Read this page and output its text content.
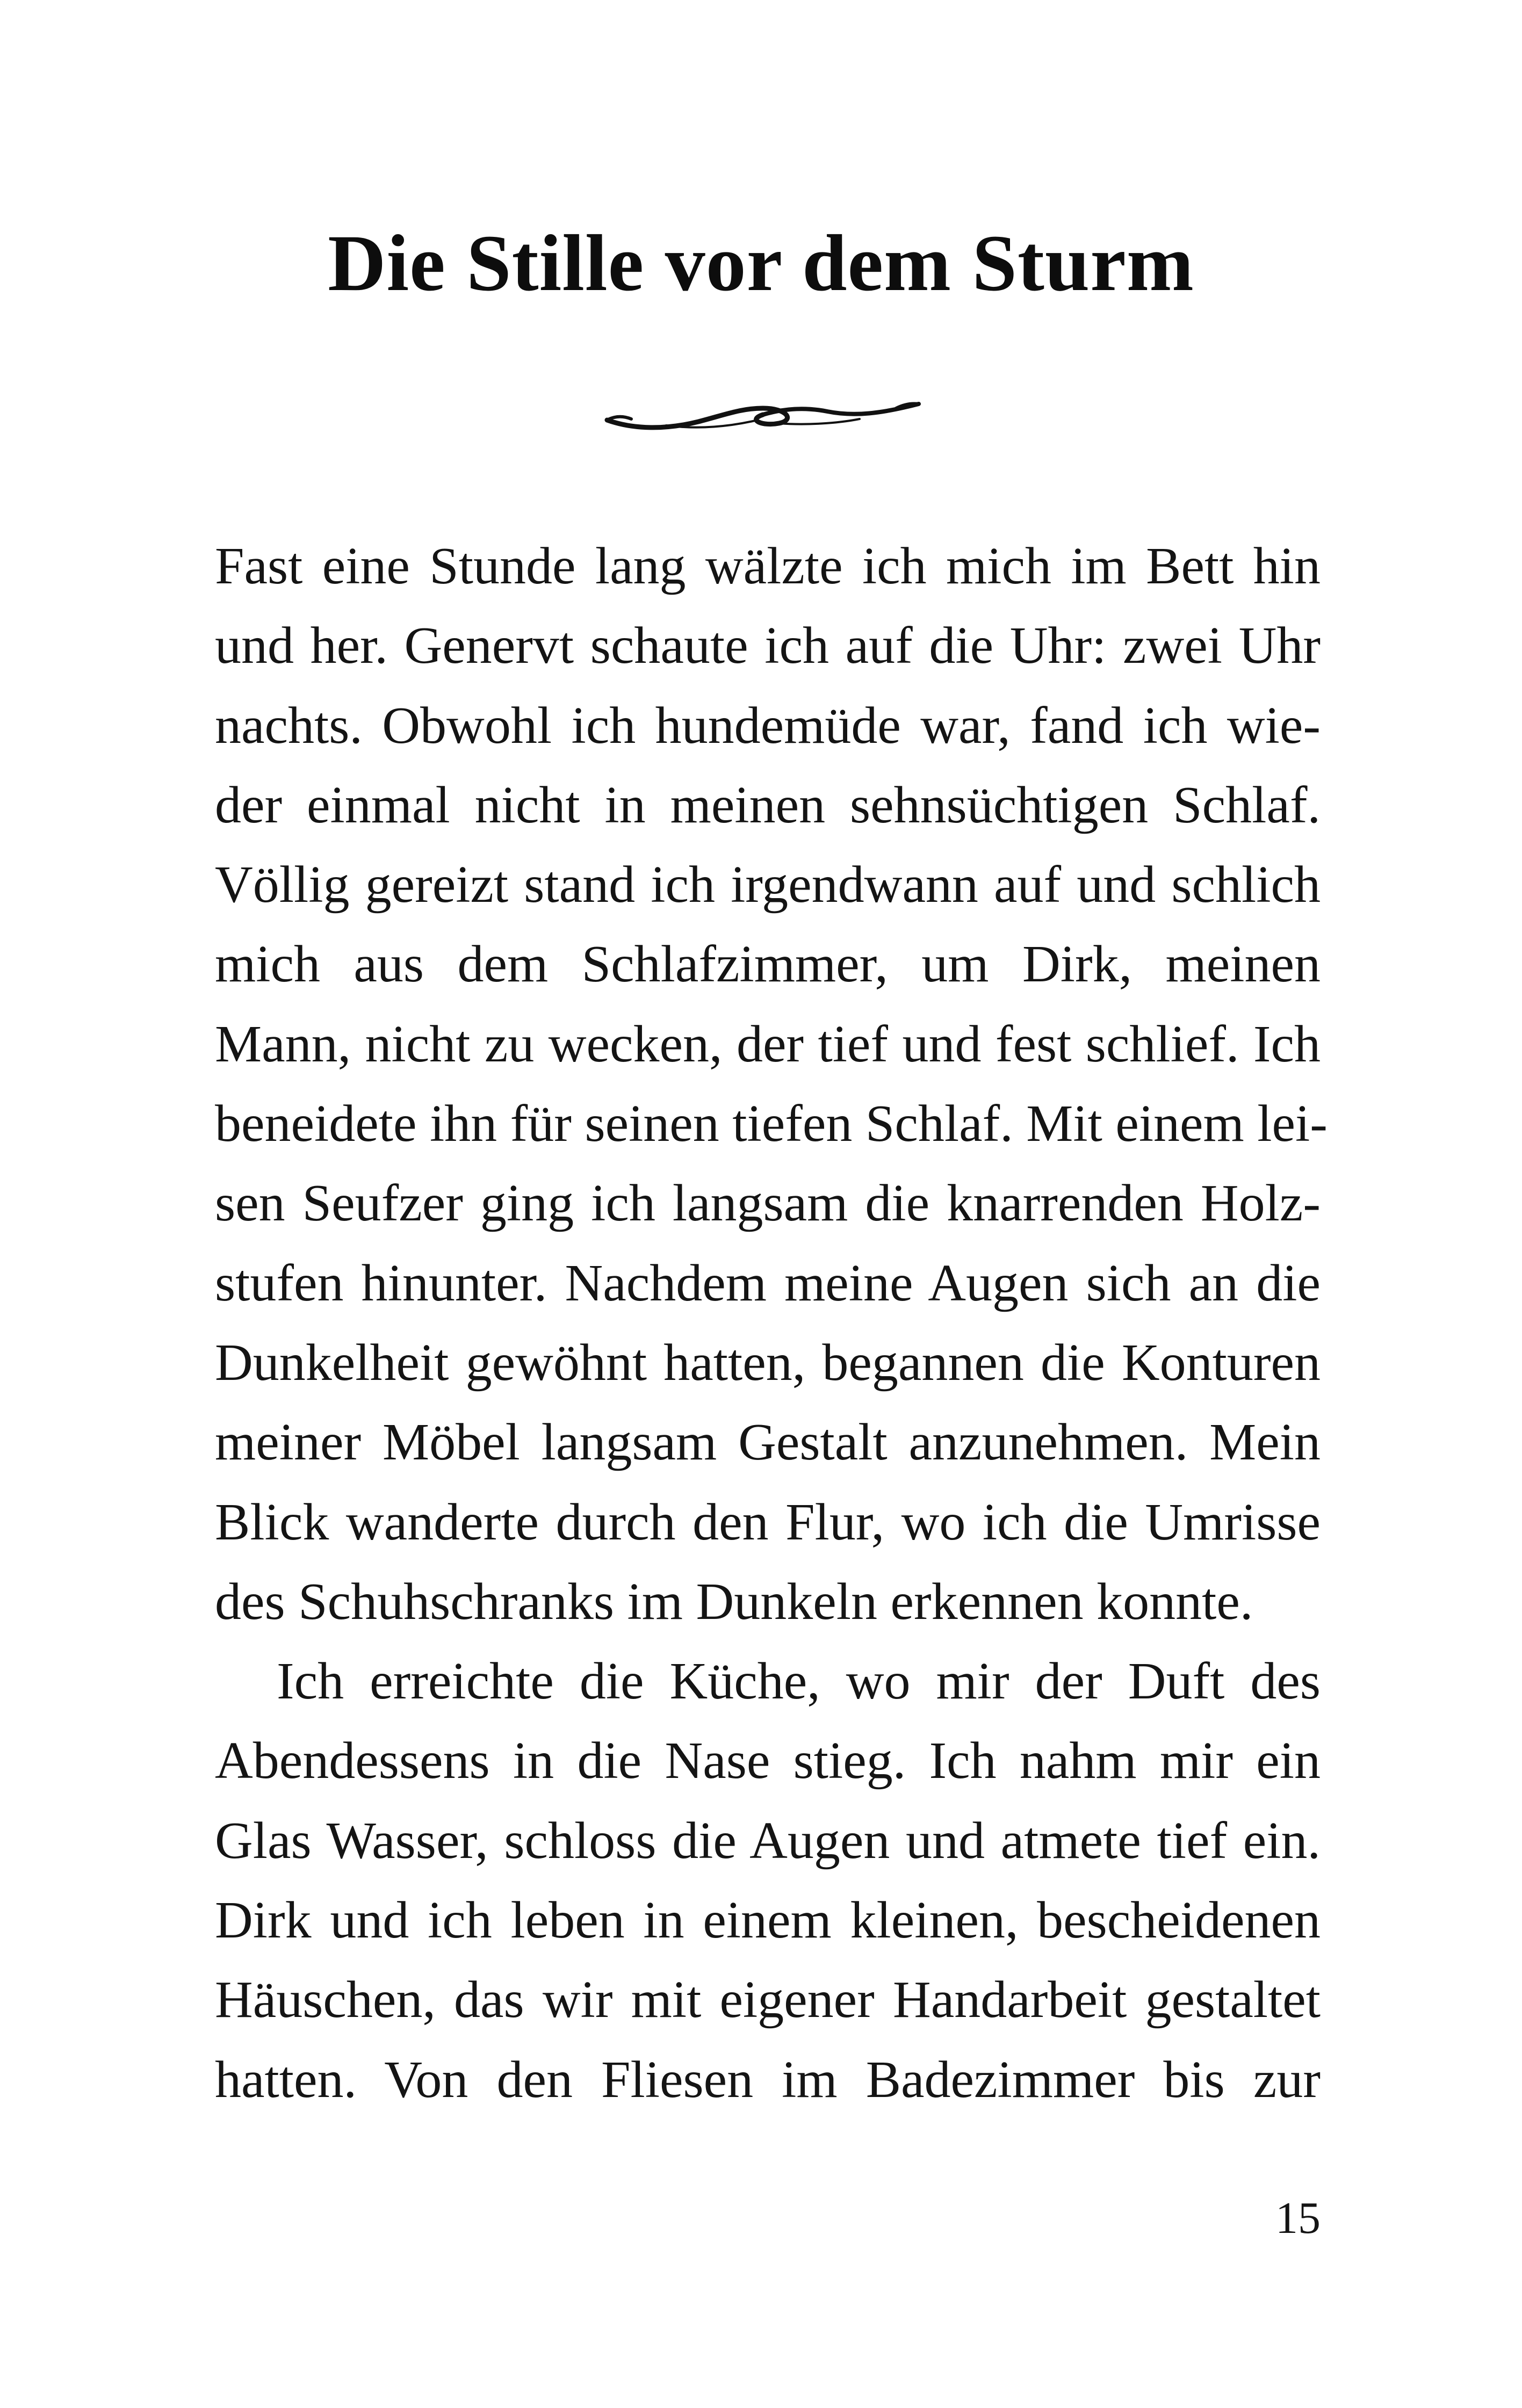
Die Stille vor dem Sturm

Fast eine Stunde lang wälzte ich mich im Bett hin
und her. Genervt schaute ich auf die Uhr: zwei Uhr
nachts. Obwohl ich hundemüde war, fand ich wie-
der einmal nicht in meinen sehnsüchtigen Schlaf.
Völlig gereizt stand ich irgendwann auf und schlich
mich aus dem Schlafzimmer, um Dirk, meinen
Mann, nicht zu wecken, der tief und fest schlief. Ich
beneidete ihn für seinen tiefen Schlaf. Mit einem lei-
sen Seufzer ging ich langsam die knarrenden Holz-
stufen hinunter. Nachdem meine Augen sich an die
Dunkelheit gewöhnt hatten, begannen die Konturen
meiner Möbel langsam Gestalt anzunehmen. Mein
Blick wanderte durch den Flur, wo ich die Umrisse
des Schuhschranks im Dunkeln erkennen konnte.

Ich erreichte die Küche, wo mir der Duft des
Abendessens in die Nase stieg. Ich nahm mir ein
Glas Wasser, schloss die Augen und atmete tief ein.
Dirk und ich leben in einem kleinen, bescheidenen
Häuschen, das wir mit eigener Handarbeit gestaltet
hatten. Von den Fliesen im Badezimmer bis zur

15
